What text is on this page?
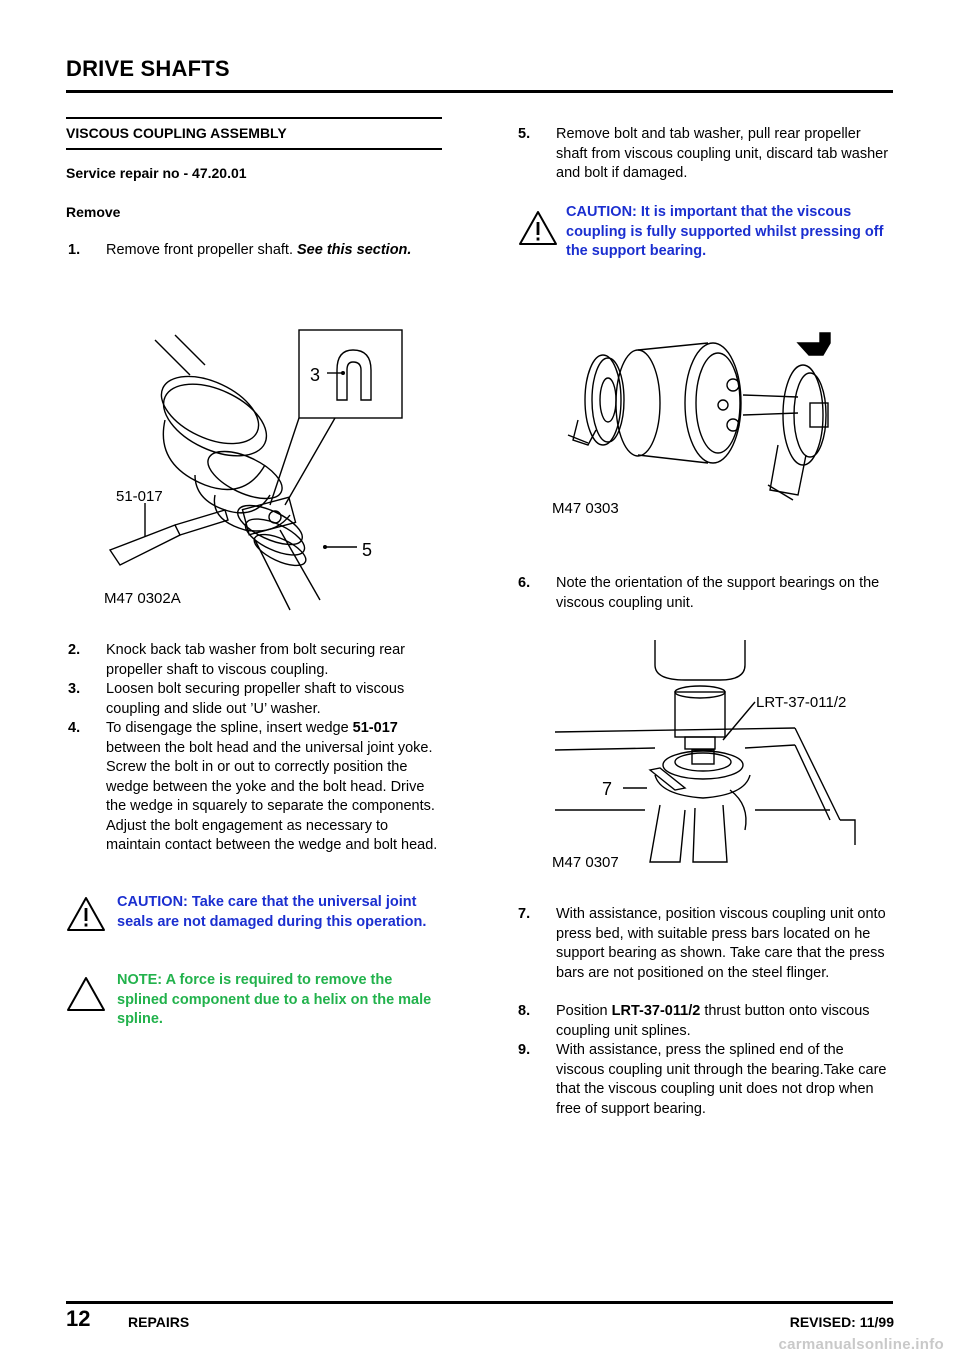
DRIVE SHAFTS
VISCOUS COUPLING ASSEMBLY
Service repair no - 47.20.01
Remove
1. Remove front propeller shaft. See this section.
3
51-017
5
M47 0302A
2. Knock back tab washer from bolt securing rear propeller shaft to viscous coupling.
3. Loosen bolt securing propeller shaft to viscous coupling and slide out ’U’ washer.
4. To disengage the spline, insert wedge 51-017 between the bolt head and the universal joint yoke. Screw the bolt in or out to correctly position the wedge between the yoke and the bolt head. Drive the wedge in squarely to separate the components. Adjust the bolt engagement as necessary to maintain contact between the wedge and bolt head.
CAUTION: Take care that the universal joint seals are not damaged during this operation.
NOTE: A force is required to remove the splined component due to a helix on the male spline.
5. Remove bolt and tab washer, pull rear propeller shaft from viscous coupling unit, discard tab washer and bolt if damaged.
CAUTION: It is important that the viscous coupling is fully supported whilst pressing off the support bearing.
M47 0303
6. Note the orientation of the support bearings on the viscous coupling unit.
LRT-37-011/2
7
M47 0307
7. With assistance, position viscous coupling unit onto press bed, with suitable press bars located on he support bearing as shown. Take care that the press bars are not positioned on the steel flinger.
8. Position LRT-37-011/2 thrust button onto viscous coupling unit splines.
9. With assistance, press the splined end of the viscous coupling unit through the bearing.Take care that the viscous coupling unit does not drop when free of support bearing.
12	REPAIRS	REVISED: 11/99
carmanualsonline.info
